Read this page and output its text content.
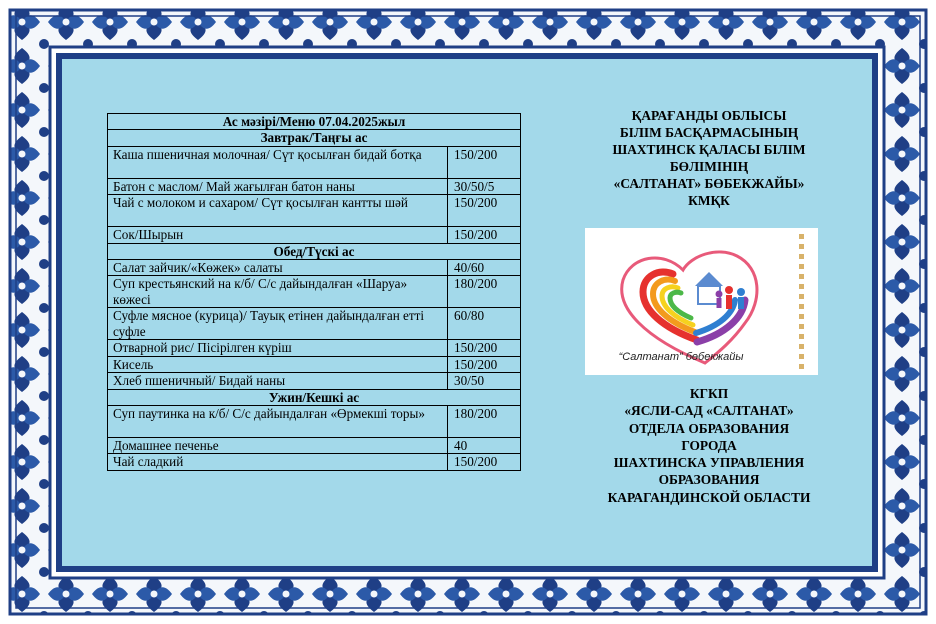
Ас мәзірі/Меню 07.04.2025жыл	
Завтрак/Таңғы ас	
Каша пшеничная молочная/ Сүт қосылған бидай ботқа	150/200
Батон с маслом/ Май жағылған батон наны	30/50/5
Чай с молоком и сахаром/ Сүт қосылған кантты шәй	150/200
Сок/Шырын	150/200
Обед/Түскі ас	
Салат зайчик/«Көжек» салаты	40/60
Суп крестьянский на к/б/ С/с дайындалған «Шаруа» көжесі	180/200
Суфле мясное (курица)/ Тауық етінен дайындалған етті суфле	60/80
Отварной рис/ Пісірілген күріш	150/200
Кисель	150/200
Хлеб пшеничный/ Бидай наны	30/50
Ужин/Кешкі ас	
Суп паутинка на к/б/ С/с дайындалған «Өрмекші торы»	180/200
Домашнее печенье	40
Чай сладкий	150/200
ҚАРАҒАНДЫ ОБЛЫСЫ
БІЛІМ БАСҚАРМАСЫНЫҢ
ШАХТИНСК ҚАЛАСЫ БІЛІМ
БӨЛІМІНІҢ
«САЛТАНАТ» БӨБЕКЖАЙЫ»
КМҚК
“Салтанат” бөбекжайы
КГКП
«ЯСЛИ-САД «САЛТАНАТ»
ОТДЕЛА ОБРАЗОВАНИЯ
ГОРОДА
ШАХТИНСКА УПРАВЛЕНИЯ
ОБРАЗОВАНИЯ
КАРАГАНДИНСКОЙ ОБЛАСТИ
